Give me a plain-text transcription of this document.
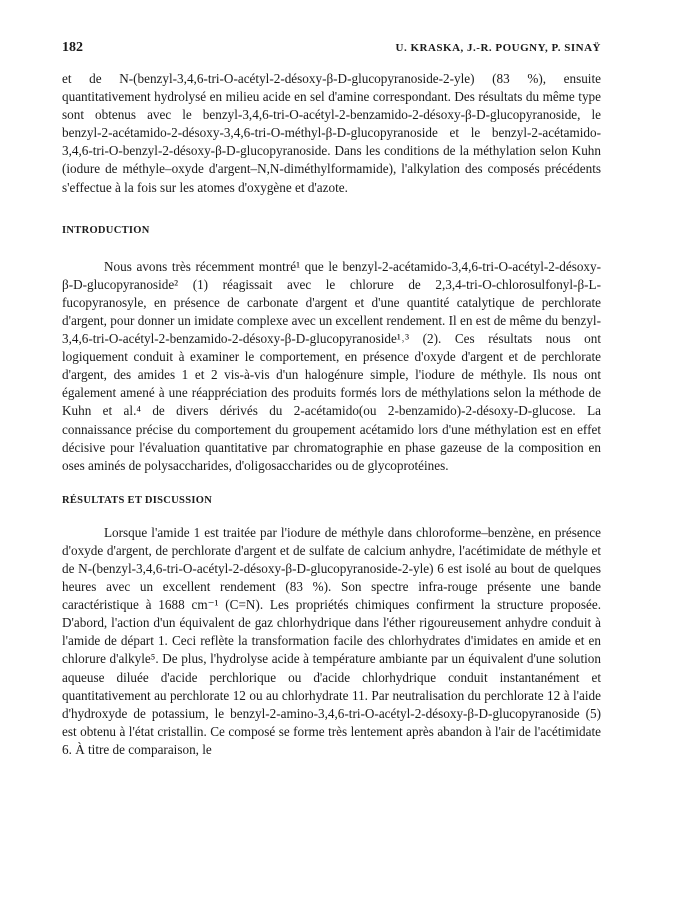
182	U. KRASKA, J.-R. POUGNY, P. SINAŸ

et de N-(benzyl-3,4,6-tri-O-acétyl-2-désoxy-β-D-glucopyranoside-2-yle) (83 %), ensuite quantitativement hydrolysé en milieu acide en sel d'amine correspondant. Des résultats du même type sont obtenus avec le benzyl-3,4,6-tri-O-acétyl-2-benzamido-2-désoxy-β-D-glucopyranoside, le benzyl-2-acétamido-2-désoxy-3,4,6-tri-O-méthyl-β-D-glucopyranoside et le benzyl-2-acétamido-3,4,6-tri-O-benzyl-2-désoxy-β-D-glucopyranoside. Dans les conditions de la méthylation selon Kuhn (iodure de méthyle–oxyde d'argent–N,N-diméthylformamide), l'alkylation des composés précédents s'effectue à la fois sur les atomes d'oxygène et d'azote.

INTRODUCTION

Nous avons très récemment montré¹ que le benzyl-2-acétamido-3,4,6-tri-O-acétyl-2-désoxy-β-D-glucopyranoside² (1) réagissait avec le chlorure de 2,3,4-tri-O-chlorosulfonyl-β-L-fucopyranosyle, en présence de carbonate d'argent et d'une quantité catalytique de perchlorate d'argent, pour donner un imidate complexe avec un excellent rendement. Il en est de même du benzyl-3,4,6-tri-O-acétyl-2-benzamido-2-désoxy-β-D-glucopyranoside¹˒³ (2). Ces résultats nous ont logiquement conduit à examiner le comportement, en présence d'oxyde d'argent et de perchlorate d'argent, des amides 1 et 2 vis-à-vis d'un halogénure simple, l'iodure de méthyle. Ils nous ont également amené à une réappréciation des produits formés lors de méthylations selon la méthode de Kuhn et al.⁴ de divers dérivés du 2-acétamido(ou 2-benzamido)-2-désoxy-D-glucose. La connaissance précise du comportement du groupement acétamido lors d'une méthylation est en effet décisive pour l'évaluation quantitative par chromatographie en phase gazeuse de la composition en oses aminés de polysaccharides, d'oligosaccharides ou de glycoprotéines.

RÉSULTATS ET DISCUSSION

Lorsque l'amide 1 est traitée par l'iodure de méthyle dans chloroforme–benzène, en présence d'oxyde d'argent, de perchlorate d'argent et de sulfate de calcium anhydre, l'acétimidate de méthyle et de N-(benzyl-3,4,6-tri-O-acétyl-2-désoxy-β-D-glucopyranoside-2-yle) 6 est isolé au bout de quelques heures avec un excellent rendement (83 %). Son spectre infra-rouge présente une bande caractéristique à 1688 cm⁻¹ (C=N). Les propriétés chimiques confirment la structure proposée. D'abord, l'action d'un équivalent de gaz chlorhydrique dans l'éther rigoureusement anhydre conduit à l'amide de départ 1. Ceci reflète la transformation facile des chlorhydrates d'imidates en amide et en chlorure d'alkyle⁵. De plus, l'hydrolyse acide à température ambiante par un équivalent d'une solution aqueuse diluée d'acide perchlorique ou d'acide chlorhydrique conduit instantanément et quantitativement au perchlorate 12 ou au chlorhydrate 11. Par neutralisation du perchlorate 12 à l'aide d'hydroxyde de potassium, le benzyl-2-amino-3,4,6-tri-O-acétyl-2-désoxy-β-D-glucopyranoside (5) est obtenu à l'état cristallin. Ce composé se forme très lentement après abandon à l'air de l'acétimidate 6. À titre de comparaison, le
